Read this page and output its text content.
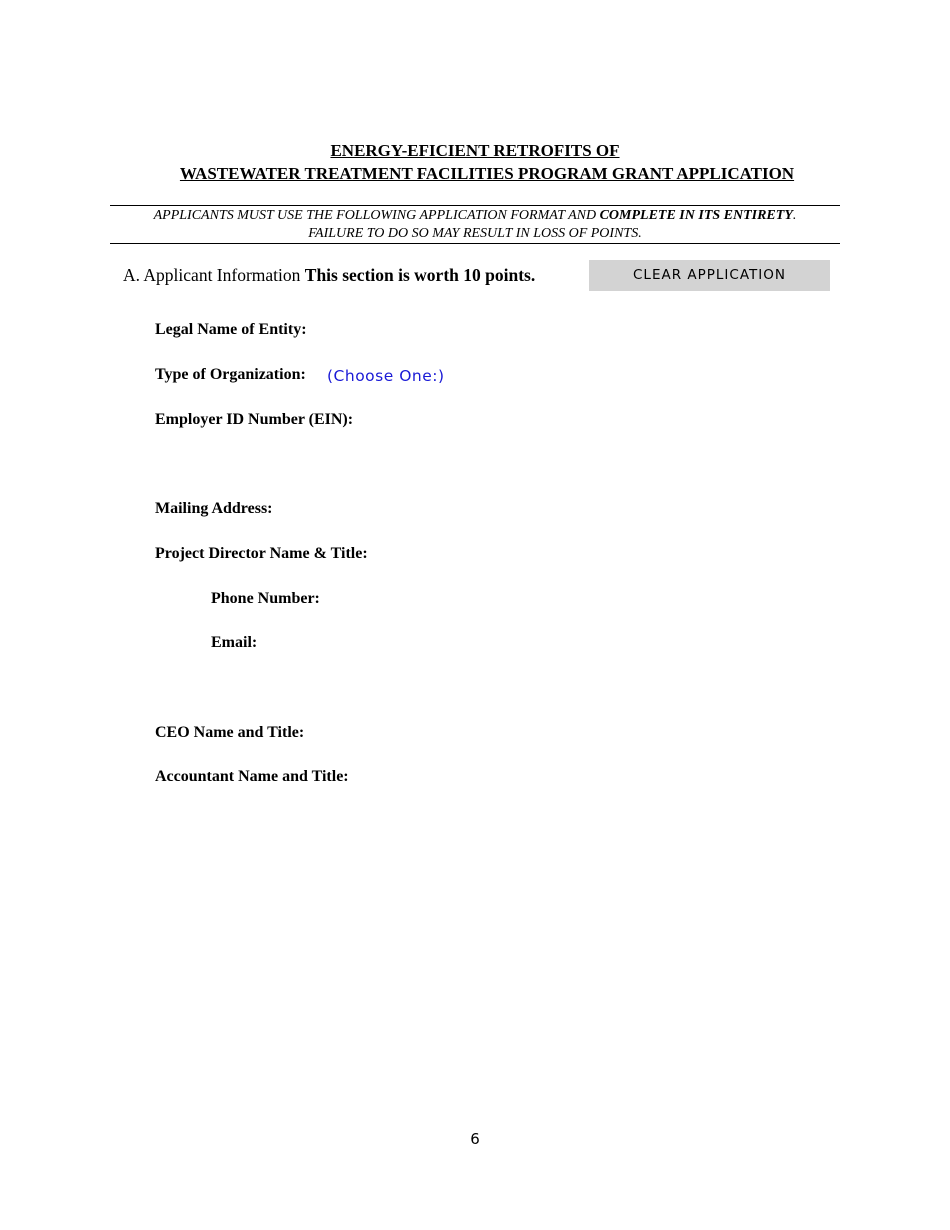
ENERGY-EFICIENT RETROFITS OF
WASTEWATER TREATMENT FACILITIES PROGRAM GRANT APPLICATION
APPLICANTS MUST USE THE FOLLOWING APPLICATION FORMAT AND COMPLETE IN ITS ENTIRETY.
FAILURE TO DO SO MAY RESULT IN LOSS OF POINTS.
A. Applicant Information This section is worth 10 points.	CLEAR APPLICATION
Legal Name of Entity:
Type of Organization: (Choose One:)
Employer ID Number (EIN):
Mailing Address:
Project Director Name & Title:
Phone Number:
Email:
CEO Name and Title:
Accountant Name and Title:
6
